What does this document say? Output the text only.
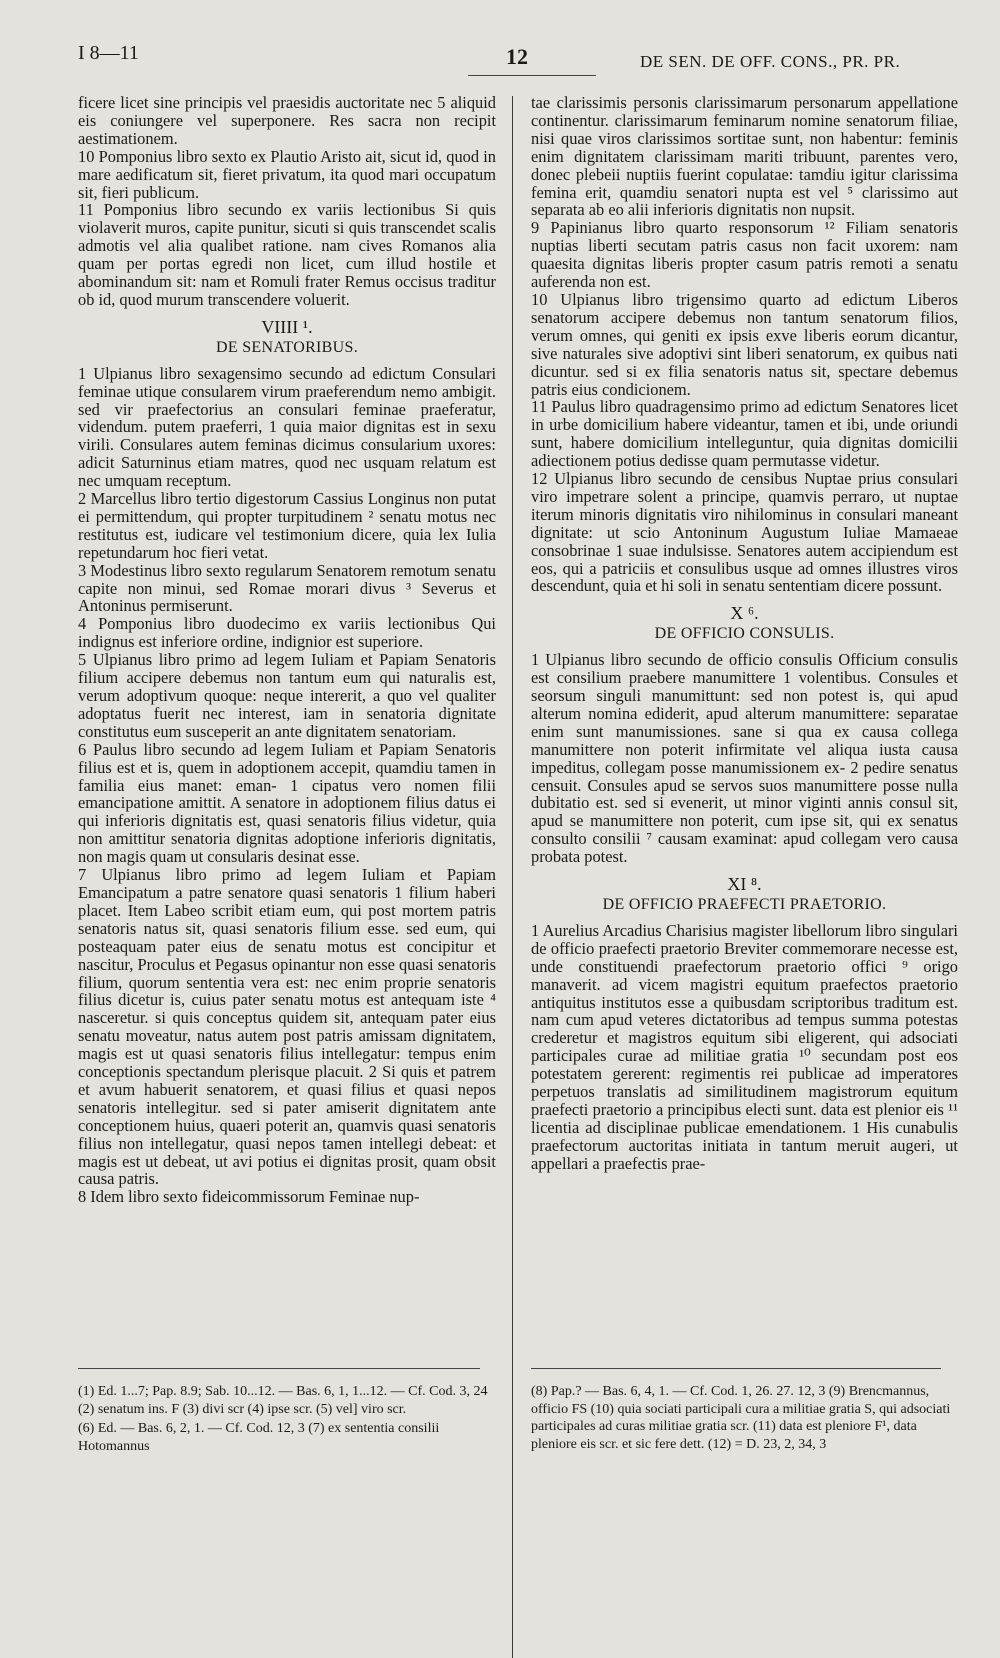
I 8—11	12	DE SEN. DE OFF. CONS., PR. PR.

ficere licet sine principis vel praesidis auctoritate nec 5 aliquid eis coniungere vel superponere. Res sacra non recipit aestimationem.

10 Pomponius libro sexto ex Plautio Aristo ait, sicut id, quod in mare aedificatum sit, fieret privatum, ita quod mari occupatum sit, fieri publicum.

11 Pomponius libro secundo ex variis lectionibus Si quis violaverit muros, capite punitur, sicuti si quis transcendet scalis admotis vel alia qualibet ratione. nam cives Romanos alia quam per portas egredi non licet, cum illud hostile et abominandum sit: nam et Romuli frater Remus occisus traditur ob id, quod murum transcendere voluerit.

VIIII ¹.
DE SENATORIBUS.

1 Ulpianus libro sexagensimo secundo ad edictum Consulari feminae utique consularem virum praeferendum nemo ambigit. sed vir praefectorius an consulari feminae praeferatur, videndum. putem praeferri, 1 quia maior dignitas est in sexu virili. Consulares autem feminas dicimus consularium uxores: adicit Saturninus etiam matres, quod nec usquam relatum est nec umquam receptum.

2 Marcellus libro tertio digestorum Cassius Longinus non putat ei permittendum, qui propter turpitudinem ² senatu motus nec restitutus est, iudicare vel testimonium dicere, quia lex Iulia repetundarum hoc fieri vetat.

3 Modestinus libro sexto regularum Senatorem remotum senatu capite non minui, sed Romae morari divus ³ Severus et Antoninus permiserunt.

4 Pomponius libro duodecimo ex variis lectionibus Qui indignus est inferiore ordine, indignior est superiore.

5 Ulpianus libro primo ad legem Iuliam et Papiam Senatoris filium accipere debemus non tantum eum qui naturalis est, verum adoptivum quoque: neque intererit, a quo vel qualiter adoptatus fuerit nec interest, iam in senatoria dignitate constitutus eum susceperit an ante dignitatem senatoriam.

6 Paulus libro secundo ad legem Iuliam et Papiam Senatoris filius est et is, quem in adoptionem accepit, quamdiu tamen in familia eius manet: eman- 1 cipatus vero nomen filii emancipatione amittit. A senatore in adoptionem filius datus ei qui inferioris dignitatis est, quasi senatoris filius videtur, quia non amittitur senatoria dignitas adoptione inferioris dignitatis, non magis quam ut consularis desinat esse.

7 Ulpianus libro primo ad legem Iuliam et Papiam Emancipatum a patre senatore quasi senatoris 1 filium haberi placet. Item Labeo scribit etiam eum, qui post mortem patris senatoris natus sit, quasi senatoris filium esse. sed eum, qui posteaquam pater eius de senatu motus est concipitur et nascitur, Proculus et Pegasus opinantur non esse quasi senatoris filium, quorum sententia vera est: nec enim proprie senatoris filius dicetur is, cuius pater senatu motus est antequam iste ⁴ nasceretur. si quis conceptus quidem sit, antequam pater eius senatu moveatur, natus autem post patris amissam dignitatem, magis est ut quasi senatoris filius intellegatur: tempus enim conceptionis spectandum plerisque placuit. 2 Si quis et patrem et avum habuerit senatorem, et quasi filius et quasi nepos senatoris intellegitur. sed si pater amiserit dignitatem ante conceptionem huius, quaeri poterit an, quamvis quasi senatoris filius non intellegatur, quasi nepos tamen intellegi debeat: et magis est ut debeat, ut avi potius ei dignitas prosit, quam obsit causa patris.

8 Idem libro sexto fideicommissorum Feminae nup-

tae clarissimis personis clarissimarum personarum appellatione continentur. clarissimarum feminarum nomine senatorum filiae, nisi quae viros clarissimos sortitae sunt, non habentur: feminis enim dignitatem clarissimam mariti tribuunt, parentes vero, donec plebeii nuptiis fuerint copulatae: tamdiu igitur clarissima femina erit, quamdiu senatori nupta est vel ⁵ clarissimo aut separata ab eo alii inferioris dignitatis non nupsit.

9 Papinianus libro quarto responsorum ¹² Filiam senatoris nuptias liberti secutam patris casus non facit uxorem: nam quaesita dignitas liberis propter casum patris remoti a senatu auferenda non est.

10 Ulpianus libro trigensimo quarto ad edictum Liberos senatorum accipere debemus non tantum senatorum filios, verum omnes, qui geniti ex ipsis exve liberis eorum dicantur, sive naturales sive adoptivi sint liberi senatorum, ex quibus nati dicuntur. sed si ex filia senatoris natus sit, spectare debemus patris eius condicionem.

11 Paulus libro quadragensimo primo ad edictum Senatores licet in urbe domicilium habere videantur, tamen et ibi, unde oriundi sunt, habere domicilium intelleguntur, quia dignitas domicilii adiectionem potius dedisse quam permutasse videtur.

12 Ulpianus libro secundo de censibus Nuptae prius consulari viro impetrare solent a principe, quamvis perraro, ut nuptae iterum minoris dignitatis viro nihilominus in consulari maneant dignitate: ut scio Antoninum Augustum Iuliae Mamaeae consobrinae 1 suae indulsisse. Senatores autem accipiendum est eos, qui a patriciis et consulibus usque ad omnes illustres viros descendunt, quia et hi soli in senatu sententiam dicere possunt.

X ⁶.
DE OFFICIO CONSULIS.

1 Ulpianus libro secundo de officio consulis Officium consulis est consilium praebere manumittere 1 volentibus. Consules et seorsum singuli manumittunt: sed non potest is, qui apud alterum nomina ediderit, apud alterum manumittere: separatae enim sunt manumissiones. sane si qua ex causa collega manumittere non poterit infirmitate vel aliqua iusta causa impeditus, collegam posse manumissionem ex- 2 pedire senatus censuit. Consules apud se servos suos manumittere posse nulla dubitatio est. sed si evenerit, ut minor viginti annis consul sit, apud se manumittere non poterit, cum ipse sit, qui ex senatus consulto consilii ⁷ causam examinat: apud collegam vero causa probata potest.

XI ⁸.
DE OFFICIO PRAEFECTI PRAETORIO.

1 Aurelius Arcadius Charisius magister libellorum libro singulari de officio praefecti praetorio Breviter commemorare necesse est, unde constituendi praefectorum praetorio offici ⁹ origo manaverit. ad vicem magistri equitum praefectos praetorio antiquitus institutos esse a quibusdam scriptoribus traditum est. nam cum apud veteres dictatoribus ad tempus summa potestas crederetur et magistros equitum sibi eligerent, qui adsociati participales curae ad militiae gratia ¹⁰ secundam post eos potestatem gererent: regimentis rei publicae ad imperatores perpetuos translatis ad similitudinem magistrorum equitum praefecti praetorio a principibus electi sunt. data est plenior eis ¹¹ licentia ad disciplinae publicae emendationem. 1 His cunabulis praefectorum auctoritas initiata in tantum meruit augeri, ut appellari a praefectis prae-

(1) Ed. 1...7; Pap. 8.9; Sab. 10...12. — Bas. 6, 1, 1...12. — Cf. Cod. 3, 24 (2) senatum ins. F (3) divi scr (4) ipse scr. (5) vel] viro scr.

(6) Ed. — Bas. 6, 2, 1. — Cf. Cod. 12, 3 (7) ex sententia consilii Hotomannus

(8) Pap.? — Bas. 6, 4, 1. — Cf. Cod. 1, 26. 27. 12, 3 (9) Brencmannus, officio FS (10) quia sociati participali cura a militiae gratia S, qui adsociati participales ad curas militiae gratia scr. (11) data est pleniore F¹, data pleniore eis scr. et sic fere dett. (12) = D. 23, 2, 34, 3
